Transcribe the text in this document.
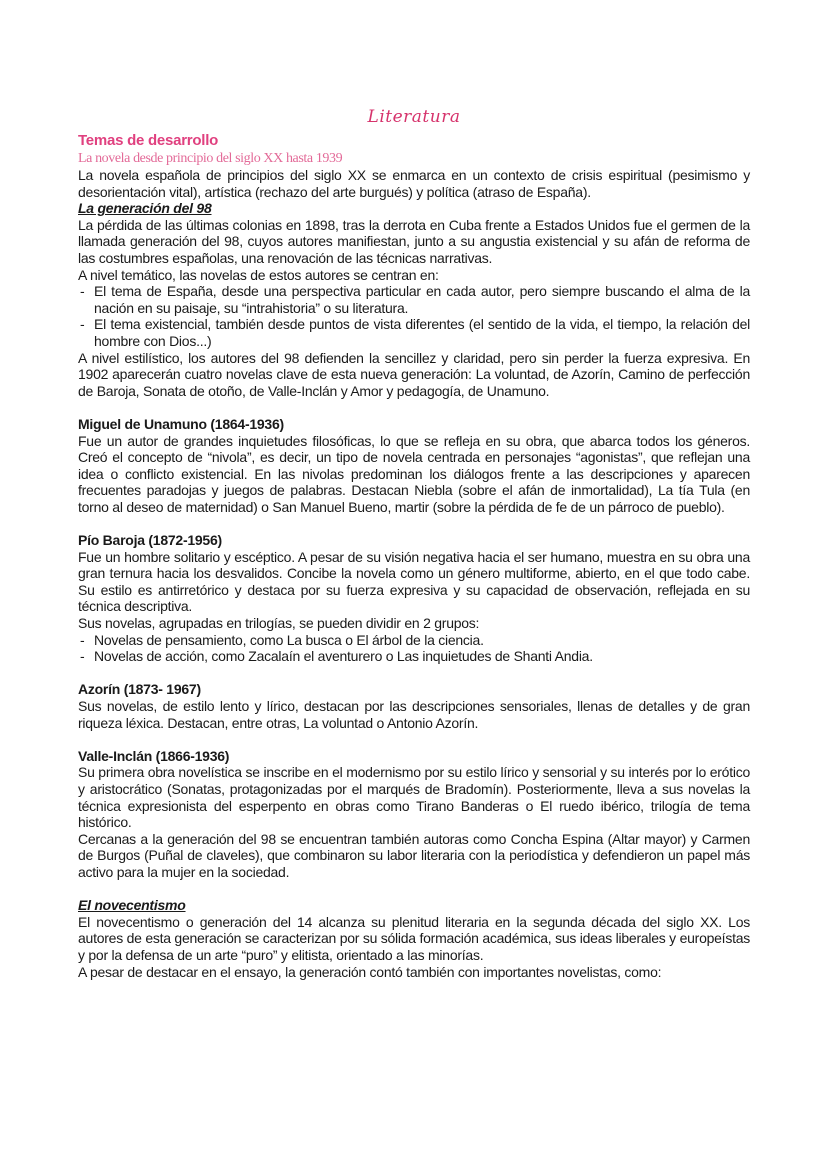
Literatura
Temas de desarrollo
La novela desde principio del siglo XX hasta 1939

La novela española de principios del siglo XX se enmarca en un contexto de crisis espiritual (pesimismo y desorientación vital), artística (rechazo del arte burgués) y política (atraso de España).

La generación del 98

La pérdida de las últimas colonias en 1898, tras la derrota en Cuba frente a Estados Unidos fue el germen de la llamada generación del 98, cuyos autores manifiestan, junto a su angustia existencial y su afán de reforma de las costumbres españolas, una renovación de las técnicas narrativas.

A nivel temático, las novelas de estos autores se centran en:

- El tema de España, desde una perspectiva particular en cada autor, pero siempre buscando el alma de la nación en su paisaje, su “intrahistoria” o su literatura.
- El tema existencial, también desde puntos de vista diferentes (el sentido de la vida, el tiempo, la relación del hombre con Dios...)

A nivel estilístico, los autores del 98 defienden la sencillez y claridad, pero sin perder la fuerza expresiva. En 1902 aparecerán cuatro novelas clave de esta nueva generación: La voluntad, de Azorín, Camino de perfección de Baroja, Sonata de otoño, de Valle-Inclán y Amor y pedagogía, de Unamuno.

Miguel de Unamuno (1864-1936)

Fue un autor de grandes inquietudes filosóficas, lo que se refleja en su obra, que abarca todos los géneros. Creó el concepto de “nivola”, es decir, un tipo de novela centrada en personajes “agonistas”, que reflejan una idea o conflicto existencial. En las nivolas predominan los diálogos frente a las descripciones y aparecen frecuentes paradojas y juegos de palabras. Destacan Niebla (sobre el afán de inmortalidad), La tía Tula (en torno al deseo de maternidad) o San Manuel Bueno, martir (sobre la pérdida de fe de un párroco de pueblo).

Pío Baroja (1872-1956)

Fue un hombre solitario y escéptico. A pesar de su visión negativa hacia el ser humano, muestra en su obra una gran ternura hacia los desvalidos. Concibe la novela como un género multiforme, abierto, en el que todo cabe. Su estilo es antirretórico y destaca por su fuerza expresiva y su capacidad de observación, reflejada en su técnica descriptiva.

Sus novelas, agrupadas en trilogías, se pueden dividir en 2 grupos:

- Novelas de pensamiento, como La busca o El árbol de la ciencia.
- Novelas de acción, como Zacalaín el aventurero o Las inquietudes de Shanti Andia.
Azorín (1873- 1967)

Sus novelas, de estilo lento y lírico, destacan por las descripciones sensoriales, llenas de detalles y de gran riqueza léxica. Destacan, entre otras, La voluntad o Antonio Azorín.

Valle-Inclán (1866-1936)

Su primera obra novelística se inscribe en el modernismo por su estilo lírico y sensorial y su interés por lo erótico y aristocrático (Sonatas, protagonizadas por el marqués de Bradomín). Posteriormente, lleva a sus novelas la técnica expresionista del esperpento en obras como Tirano Banderas o El ruedo ibérico, trilogía de tema histórico.

Cercanas a la generación del 98 se encuentran también autoras como Concha Espina (Altar mayor) y Carmen de Burgos (Puñal de claveles), que combinaron su labor literaria con la periodística y defendieron un papel más activo para la mujer en la sociedad.

El novecentismo

El novecentismo o generación del 14 alcanza su plenitud literaria en la segunda década del siglo XX. Los autores de esta generación se caracterizan por su sólida formación académica, sus ideas liberales y europeístas y por la defensa de un arte “puro” y elitista, orientado a las minorías.

A pesar de destacar en el ensayo, la generación contó también con importantes novelistas, como:
